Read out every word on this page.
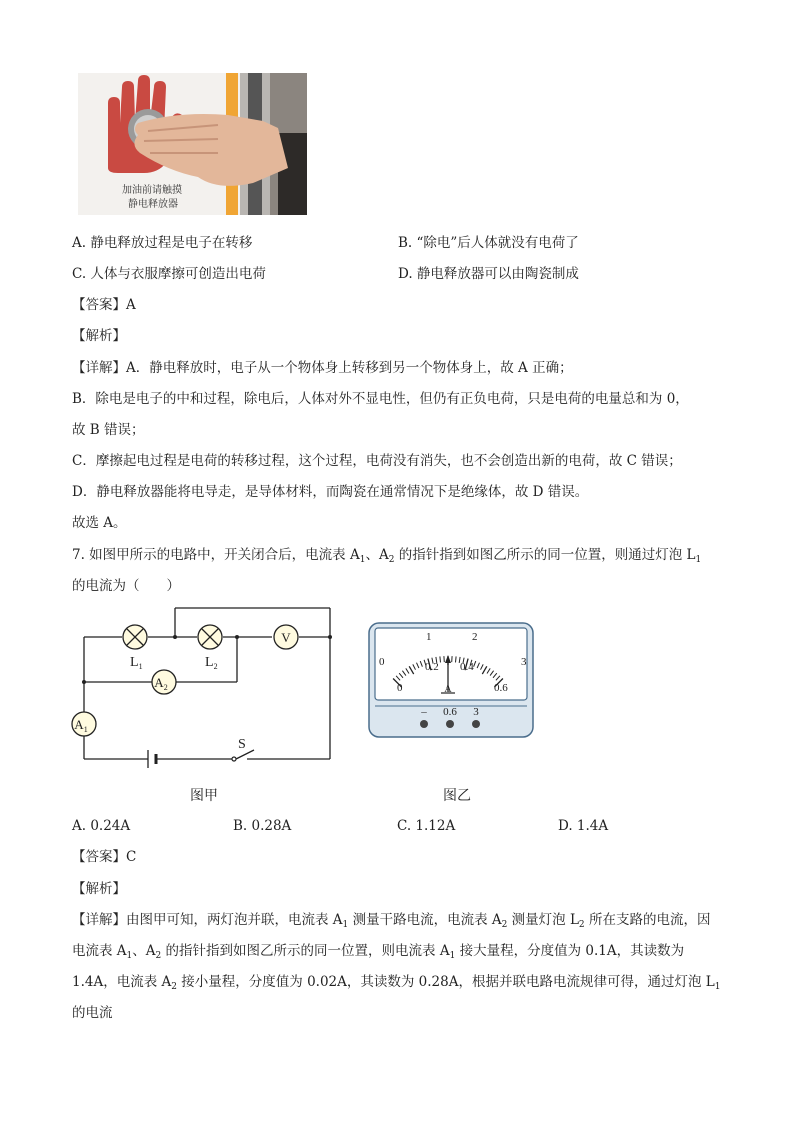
加油前请触摸
静电释放器
A. 静电释放过程是电子在转移	B. “除电”后人体就没有电荷了
C. 人体与衣服摩擦可创造出电荷	D. 静电释放器可以由陶瓷制成
【答案】A
【解析】
【详解】A．静电释放时，电子从一个物体身上转移到另一个物体身上，故 A 正确；
B．除电是电子的中和过程，除电后，人体对外不显电性，但仍有正负电荷，只是电荷的电量总和为 0，
故 B 错误；
C．摩擦起电过程是电荷的转移过程，这个过程，电荷没有消失，也不会创造出新的电荷，故 C 错误；
D．静电释放器能将电导走，是导体材料，而陶瓷在通常情况下是绝缘体，故 D 错误。
故选 A。
7. 如图甲所示的电路中，开关闭合后，电流表 $A_1$、$A_2$ 的指针指到如图乙所示的同一位置，则通过灯泡 $L_1$
的电流为（　　）
V
$A_2$
$A_1$
$L_1$	$L_2$
S
0
1	2
3
0
0.2 0.4
0.6
A
– 0.6 3
图甲	图乙
A. 0.24A	B. 0.28A	C. 1.12A	D. 1.4A
【答案】C
【解析】
【详解】由图甲可知，两灯泡并联，电流表 $A_1$ 测量干路电流，电流表 $A_2$ 测量灯泡 $L_2$ 所在支路的电流，因
电流表 $A_1$、$A_2$ 的指针指到如图乙所示的同一位置，则电流表 $A_1$ 接大量程，分度值为 0.1A，其读数为
1.4A，电流表 $A_2$ 接小量程，分度值为 0.02A，其读数为 0.28A，根据并联电路电流规律可得，通过灯泡 $L_1$
的电流
